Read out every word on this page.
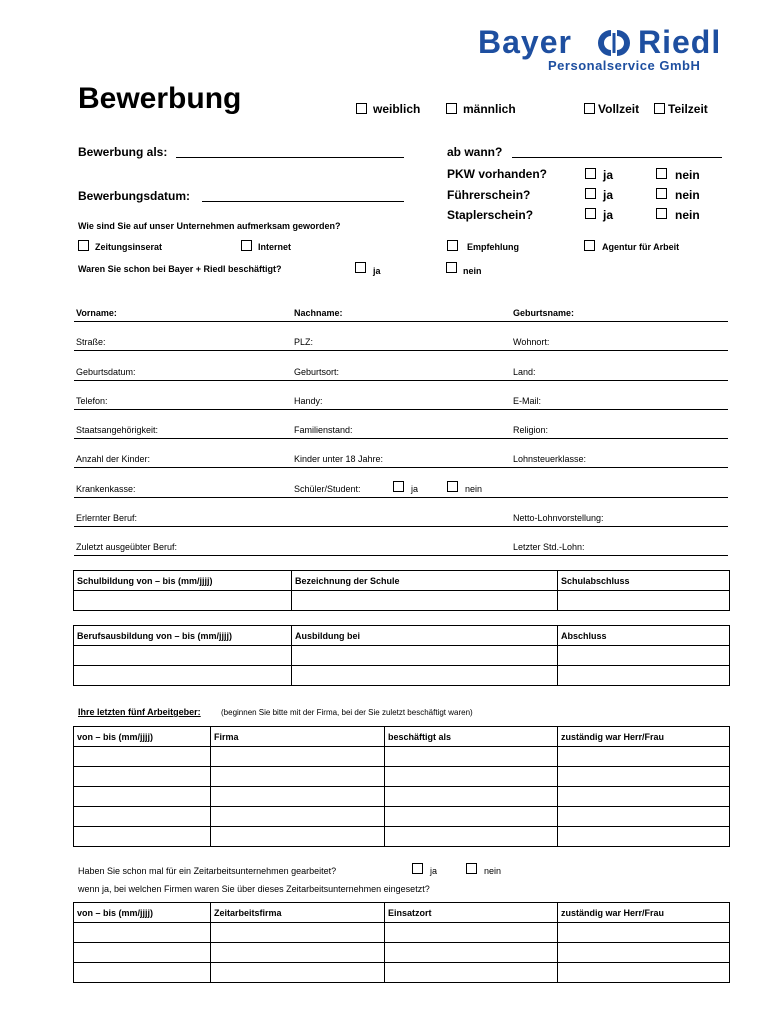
Bayer Riedl
Personalservice GmbH
Bewerbung	weiblich	männlich	Vollzeit Teilzeit
Bewerbung als:
Bewerbungsdatum:
ab wann?
PKW vorhanden?	ja	nein
Führerschein?	ja	nein
Staplerschein?	ja	nein
Wie sind Sie auf unser Unternehmen aufmerksam geworden?
Zeitungsinserat	Internet	Empfehlung	Agentur für Arbeit
Waren Sie schon bei Bayer + Riedl beschäftigt?	ja	nein
Vorname:	Nachname:	Geburtsname:
Straße:	PLZ:	Wohnort:
Geburtsdatum:	Geburtsort:	Land:
Telefon:	Handy:	E-Mail:
Staatsangehörigkeit:	Familienstand:	Religion:
Anzahl der Kinder:	Kinder unter 18 Jahre:	Lohnsteuerklasse:
Krankenkasse:	Schüler/Student:	ja	nein
Erlernter Beruf:	Netto-Lohnvorstellung:
Zuletzt ausgeübter Beruf:	Letzter Std.-Lohn:
Schulbildung von – bis (mm/jjjj)	Bezeichnung der Schule	Schulabschluss

Berufsausbildung von – bis (mm/jjjj)	Ausbildung bei	Abschluss

Ihre letzten fünf Arbeitgeber:	(beginnen Sie bitte mit der Firma, bei der Sie zuletzt beschäftigt waren)
von – bis (mm/jjjj)	Firma	beschäftigt als	zuständig war Herr/Frau

Haben Sie schon mal für ein Zeitarbeitsunternehmen gearbeitet?	ja	nein
wenn ja, bei welchen Firmen waren Sie über dieses Zeitarbeitsunternehmen eingesetzt?
von – bis (mm/jjjj)	Zeitarbeitsfirma	Einsatzort	zuständig war Herr/Frau
